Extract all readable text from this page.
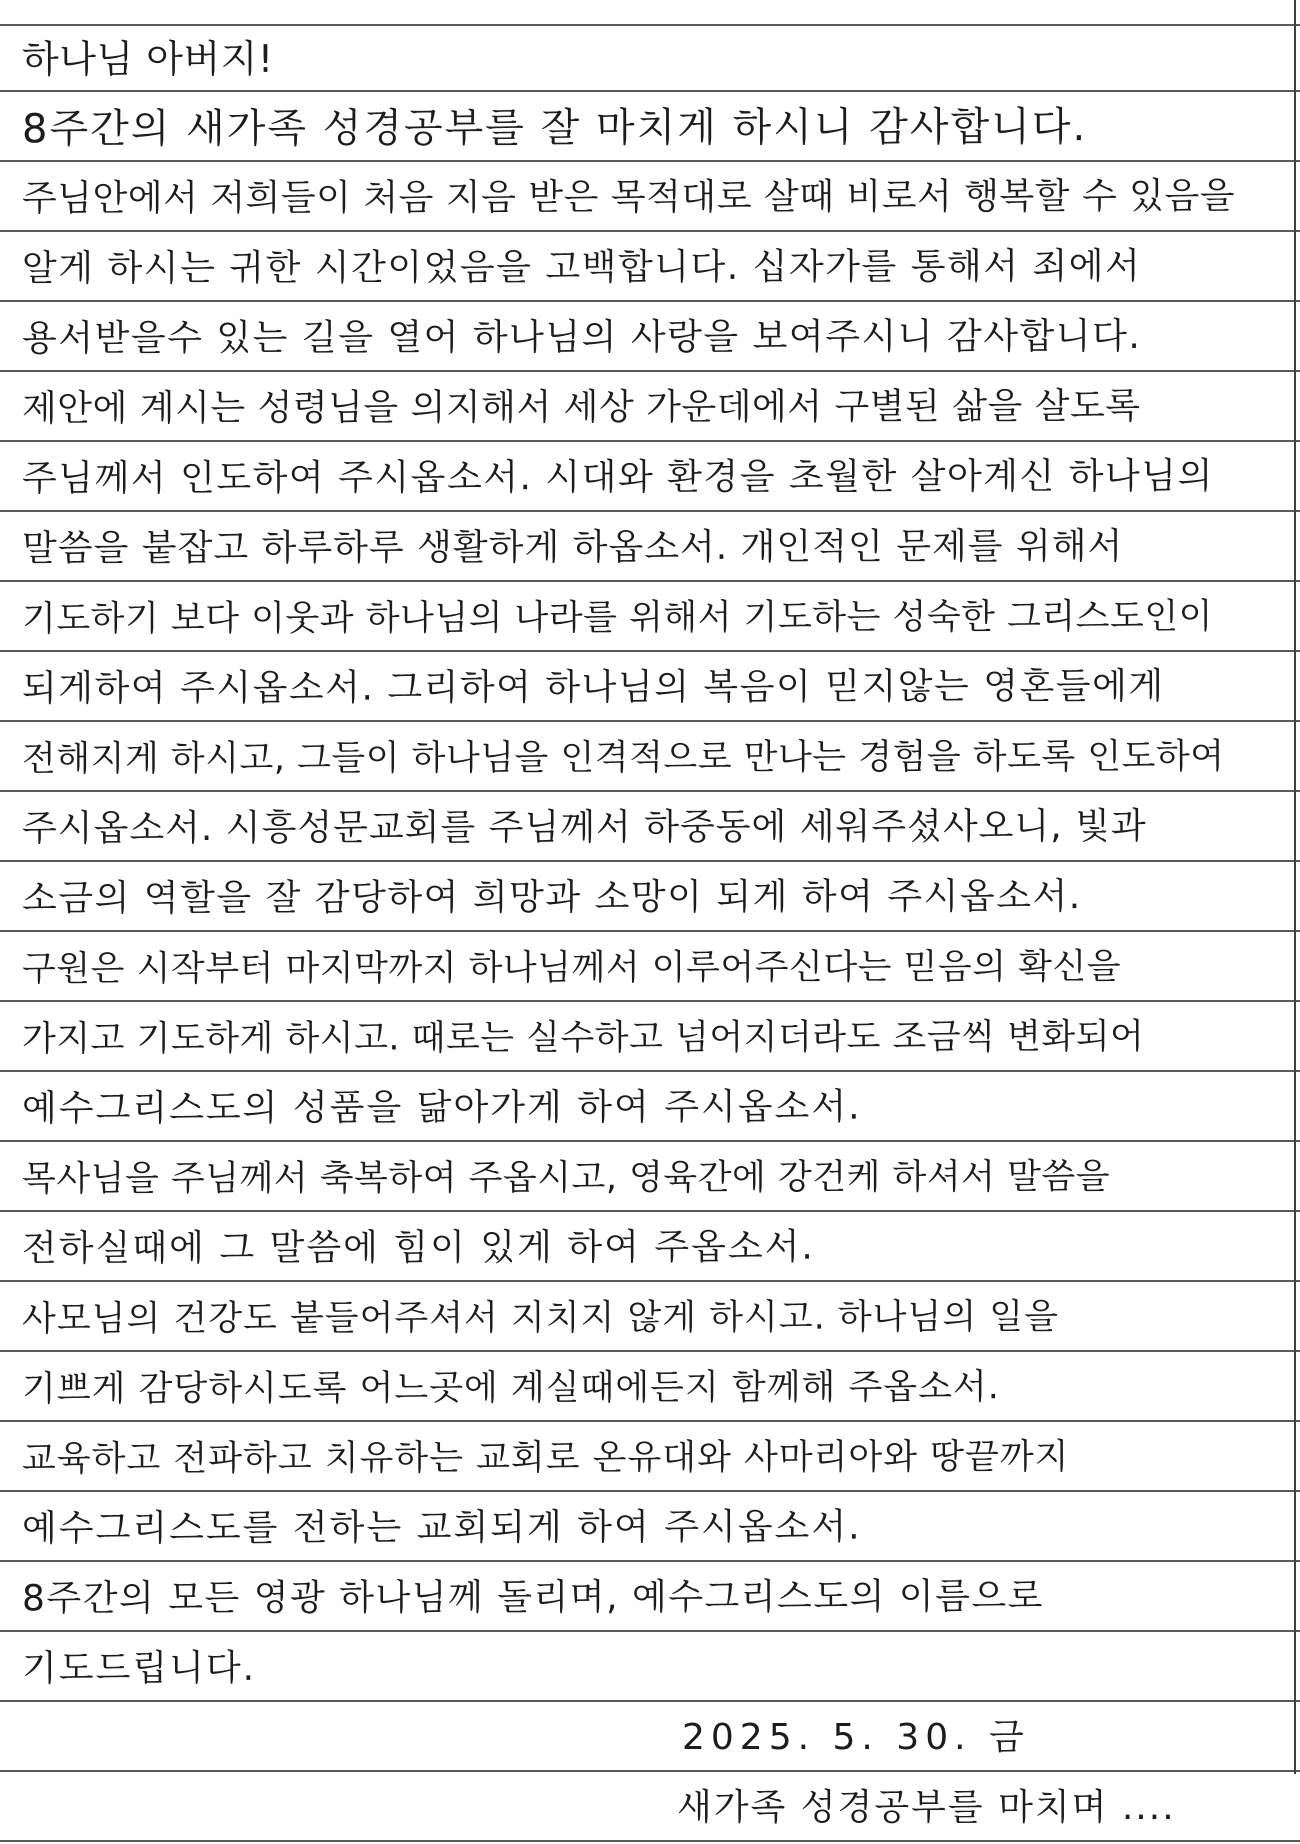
하나님 아버지!
8주간의 새가족 성경공부를 잘 마치게 하시니 감사합니다.
주님안에서 저희들이 처음 지음 받은 목적대로 살때 비로서 행복할 수 있음을
알게 하시는 귀한 시간이었음을 고백합니다. 십자가를 통해서 죄에서
용서받을수 있는 길을 열어 하나님의 사랑을 보여주시니 감사합니다.
제안에 계시는 성령님을 의지해서 세상 가운데에서 구별된 삶을 살도록
주님께서 인도하여 주시옵소서. 시대와 환경을 초월한 살아계신 하나님의
말씀을 붙잡고 하루하루 생활하게 하옵소서. 개인적인 문제를 위해서
기도하기 보다 이웃과 하나님의 나라를 위해서 기도하는 성숙한 그리스도인이
되게하여 주시옵소서. 그리하여 하나님의 복음이 믿지않는 영혼들에게
전해지게 하시고, 그들이 하나님을 인격적으로 만나는 경험을 하도록 인도하여
주시옵소서. 시흥성문교회를 주님께서 하중동에 세워주셨사오니, 빛과
소금의 역할을 잘 감당하여 희망과 소망이 되게 하여 주시옵소서.
구원은 시작부터 마지막까지 하나님께서 이루어주신다는 믿음의 확신을
가지고 기도하게 하시고. 때로는 실수하고 넘어지더라도 조금씩 변화되어
예수그리스도의 성품을 닮아가게 하여 주시옵소서.
목사님을 주님께서 축복하여 주옵시고, 영육간에 강건케 하셔서 말씀을
전하실때에 그 말씀에 힘이 있게 하여 주옵소서.
사모님의 건강도 붙들어주셔서 지치지 않게 하시고. 하나님의 일을
기쁘게 감당하시도록 어느곳에 계실때에든지 함께해 주옵소서.
교육하고 전파하고 치유하는 교회로 온유대와 사마리아와 땅끝까지
예수그리스도를 전하는 교회되게 하여 주시옵소서.
8주간의 모든 영광 하나님께 돌리며, 예수그리스도의 이름으로
기도드립니다.
2025. 5. 30. 금
새가족 성경공부를 마치며 ....
